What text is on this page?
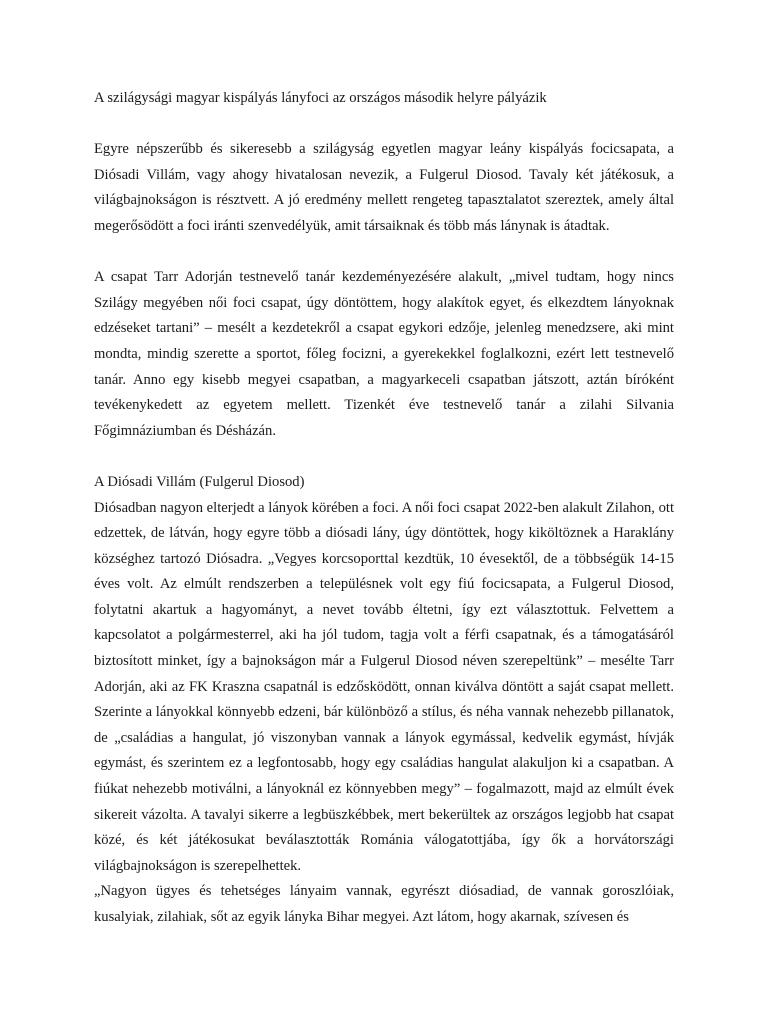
A szilágysági magyar kispályás lányfoci az országos második helyre pályázik

Egyre népszerűbb és sikeresebb a szilágyság egyetlen magyar leány kispályás focicsapata, a Diósadi Villám, vagy ahogy hivatalosan nevezik, a Fulgerul Diosod. Tavaly két játékosuk, a világbajnokságon is résztvett. A jó eredmény mellett rengeteg tapasztalatot szereztek, amely által megerősödött a foci iránti szenvedélyük, amit társaiknak és több más lánynak is átadtak.

A csapat Tarr Adorján testnevelő tanár kezdeményezésére alakult, „mivel tudtam, hogy nincs Szilágy megyében női foci csapat, úgy döntöttem, hogy alakítok egyet, és elkezdtem lányoknak edzéseket tartani” – mesélt a kezdetekről a csapat egykori edzője, jelenleg menedzsere, aki mint mondta, mindig szerette a sportot, főleg focizni, a gyerekekkel foglalkozni, ezért lett testnevelő tanár. Anno egy kisebb megyei csapatban, a magyarkeceli csapatban játszott, aztán bíróként tevékenykedett az egyetem mellett. Tizenkét éve testnevelő tanár a zilahi Silvania Főgimnáziumban és Désházán.

A Diósadi Villám (Fulgerul Diosod)

Diósadban nagyon elterjedt a lányok körében a foci. A női foci csapat 2022-ben alakult Zilahon, ott edzettek, de látván, hogy egyre több a diósadi lány, úgy döntöttek, hogy kiköltöznek a Haraklány községhez tartozó Diósadra. „Vegyes korcsoporttal kezdtük, 10 évesektől, de a többségük 14-15 éves volt. Az elmúlt rendszerben a településnek volt egy fiú focicsapata, a Fulgerul Diosod, folytatni akartuk a hagyományt, a nevet tovább éltetni, így ezt választottuk. Felvettem a kapcsolatot a polgármesterrel, aki ha jól tudom, tagja volt a férfi csapatnak, és a támogatásáról biztosított minket, így a bajnokságon már a Fulgerul Diosod néven szerepeltünk” – mesélte Tarr Adorján, aki az FK Kraszna csapatnál is edzősködött, onnan kiválva döntött a saját csapat mellett. Szerinte a lányokkal könnyebb edzeni, bár különböző a stílus, és néha vannak nehezebb pillanatok, de „családias a hangulat, jó viszonyban vannak a lányok egymással, kedvelik egymást, hívják egymást, és szerintem ez a legfontosabb, hogy egy családias hangulat alakuljon ki a csapatban. A fiúkat nehezebb motiválni, a lányoknál ez könnyebben megy” – fogalmazott, majd az elmúlt évek sikereit vázolta. A tavalyi sikerre a legbüszkébbek, mert bekerültek az országos legjobb hat csapat közé, és két játékosukat beválasztották Románia válogatottjába, így ők a horvátországi világbajnokságon is szerepelhettek.

„Nagyon ügyes és tehetséges lányaim vannak, egyrészt diósadiad, de vannak goroszlóiak, kusalyiak, zilahiak, sőt az egyik lányka Bihar megyei. Azt látom, hogy akarnak, szívesen és
